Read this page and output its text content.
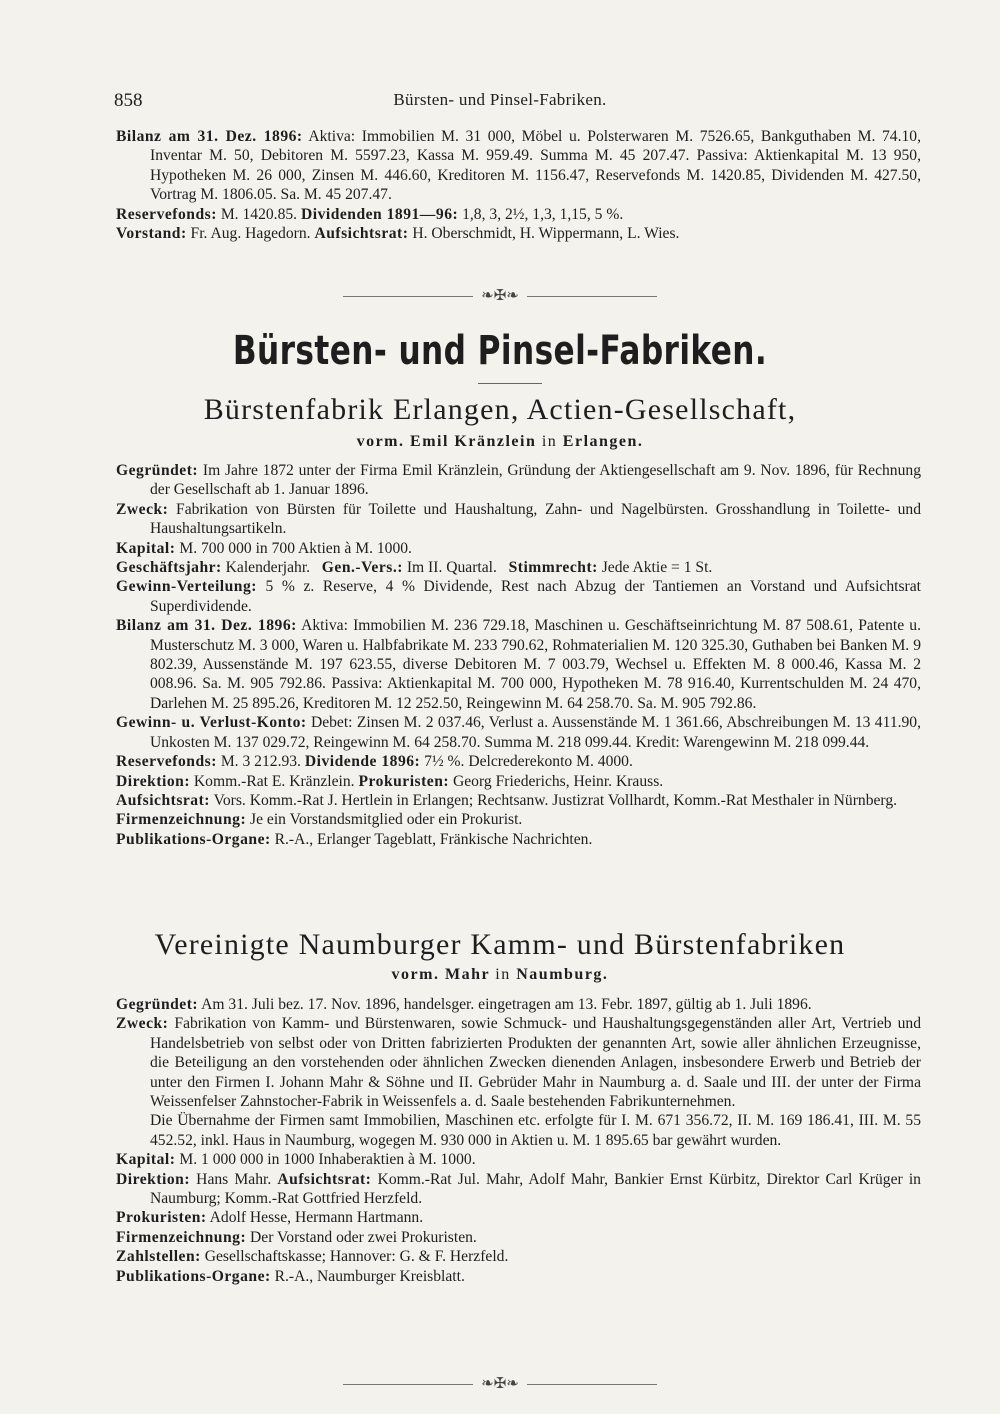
858	Bürsten- und Pinsel-Fabriken.

Bilanz am 31. Dez. 1896: Aktiva: Immobilien M. 31 000, Möbel u. Polsterwaren M. 7526.65, Bankguthaben M. 74.10, Inventar M. 50, Debitoren M. 5597.23, Kassa M. 959.49. Summa M. 45 207.47. Passiva: Aktienkapital M. 13 950, Hypotheken M. 26 000, Zinsen M. 446.60, Kreditoren M. 1156.47, Reservefonds M. 1420.85, Dividenden M. 427.50, Vortrag M. 1806.05. Sa. M. 45 207.47.

Reservefonds: M. 1420.85. Dividenden 1891—96: 1,8, 3, 2½, 1,3, 1,15, 5 %.

Vorstand: Fr. Aug. Hagedorn. Aufsichtsrat: H. Oberschmidt, H. Wippermann, L. Wies.

❧✠❧
Bürsten- und Pinsel-Fabriken.
Bürstenfabrik Erlangen, Actien-Gesellschaft,
vorm. Emil Kränzlein in Erlangen.

Gegründet: Im Jahre 1872 unter der Firma Emil Kränzlein, Gründung der Aktiengesellschaft am 9. Nov. 1896, für Rechnung der Gesellschaft ab 1. Januar 1896.

Zweck: Fabrikation von Bürsten für Toilette und Haushaltung, Zahn- und Nagelbürsten. Grosshandlung in Toilette- und Haushaltungsartikeln.

Kapital: M. 700 000 in 700 Aktien à M. 1000.

Geschäftsjahr: Kalenderjahr. Gen.-Vers.: Im II. Quartal. Stimmrecht: Jede Aktie = 1 St.

Gewinn-Verteilung: 5 % z. Reserve, 4 % Dividende, Rest nach Abzug der Tantiemen an Vorstand und Aufsichtsrat Superdividende.

Bilanz am 31. Dez. 1896: Aktiva: Immobilien M. 236 729.18, Maschinen u. Geschäftseinrichtung M. 87 508.61, Patente u. Musterschutz M. 3 000, Waren u. Halbfabrikate M. 233 790.62, Rohmaterialien M. 120 325.30, Guthaben bei Banken M. 9 802.39, Aussenstände M. 197 623.55, diverse Debitoren M. 7 003.79, Wechsel u. Effekten M. 8 000.46, Kassa M. 2 008.96. Sa. M. 905 792.86. Passiva: Aktienkapital M. 700 000, Hypotheken M. 78 916.40, Kurrentschulden M. 24 470, Darlehen M. 25 895.26, Kreditoren M. 12 252.50, Reingewinn M. 64 258.70. Sa. M. 905 792.86.

Gewinn- u. Verlust-Konto: Debet: Zinsen M. 2 037.46, Verlust a. Aussenstände M. 1 361.66, Abschreibungen M. 13 411.90, Unkosten M. 137 029.72, Reingewinn M. 64 258.70. Summa M. 218 099.44. Kredit: Warengewinn M. 218 099.44.

Reservefonds: M. 3 212.93. Dividende 1896: 7½ %. Delcrederekonto M. 4000.

Direktion: Komm.-Rat E. Kränzlein. Prokuristen: Georg Friederichs, Heinr. Krauss.

Aufsichtsrat: Vors. Komm.-Rat J. Hertlein in Erlangen; Rechtsanw. Justizrat Vollhardt, Komm.-Rat Mesthaler in Nürnberg.

Firmenzeichnung: Je ein Vorstandsmitglied oder ein Prokurist.

Publikations-Organe: R.-A., Erlanger Tageblatt, Fränkische Nachrichten.

Vereinigte Naumburger Kamm- und Bürstenfabriken
vorm. Mahr in Naumburg.

Gegründet: Am 31. Juli bez. 17. Nov. 1896, handelsger. eingetragen am 13. Febr. 1897, gültig ab 1. Juli 1896.

Zweck: Fabrikation von Kamm- und Bürstenwaren, sowie Schmuck- und Haushaltungsgegenständen aller Art, Vertrieb und Handelsbetrieb von selbst oder von Dritten fabrizierten Produkten der genannten Art, sowie aller ähnlichen Erzeugnisse, die Beteiligung an den vorstehenden oder ähnlichen Zwecken dienenden Anlagen, insbesondere Erwerb und Betrieb der unter den Firmen I. Johann Mahr & Söhne und II. Gebrüder Mahr in Naumburg a. d. Saale und III. der unter der Firma Weissenfelser Zahnstocher-Fabrik in Weissenfels a. d. Saale bestehenden Fabrikunternehmen.

Die Übernahme der Firmen samt Immobilien, Maschinen etc. erfolgte für I. M. 671 356.72, II. M. 169 186.41, III. M. 55 452.52, inkl. Haus in Naumburg, wogegen M. 930 000 in Aktien u. M. 1 895.65 bar gewährt wurden.

Kapital: M. 1 000 000 in 1000 Inhaberaktien à M. 1000.

Direktion: Hans Mahr. Aufsichtsrat: Komm.-Rat Jul. Mahr, Adolf Mahr, Bankier Ernst Kürbitz, Direktor Carl Krüger in Naumburg; Komm.-Rat Gottfried Herzfeld.

Prokuristen: Adolf Hesse, Hermann Hartmann.

Firmenzeichnung: Der Vorstand oder zwei Prokuristen.

Zahlstellen: Gesellschaftskasse; Hannover: G. & F. Herzfeld.

Publikations-Organe: R.-A., Naumburger Kreisblatt.

❧✠❧
